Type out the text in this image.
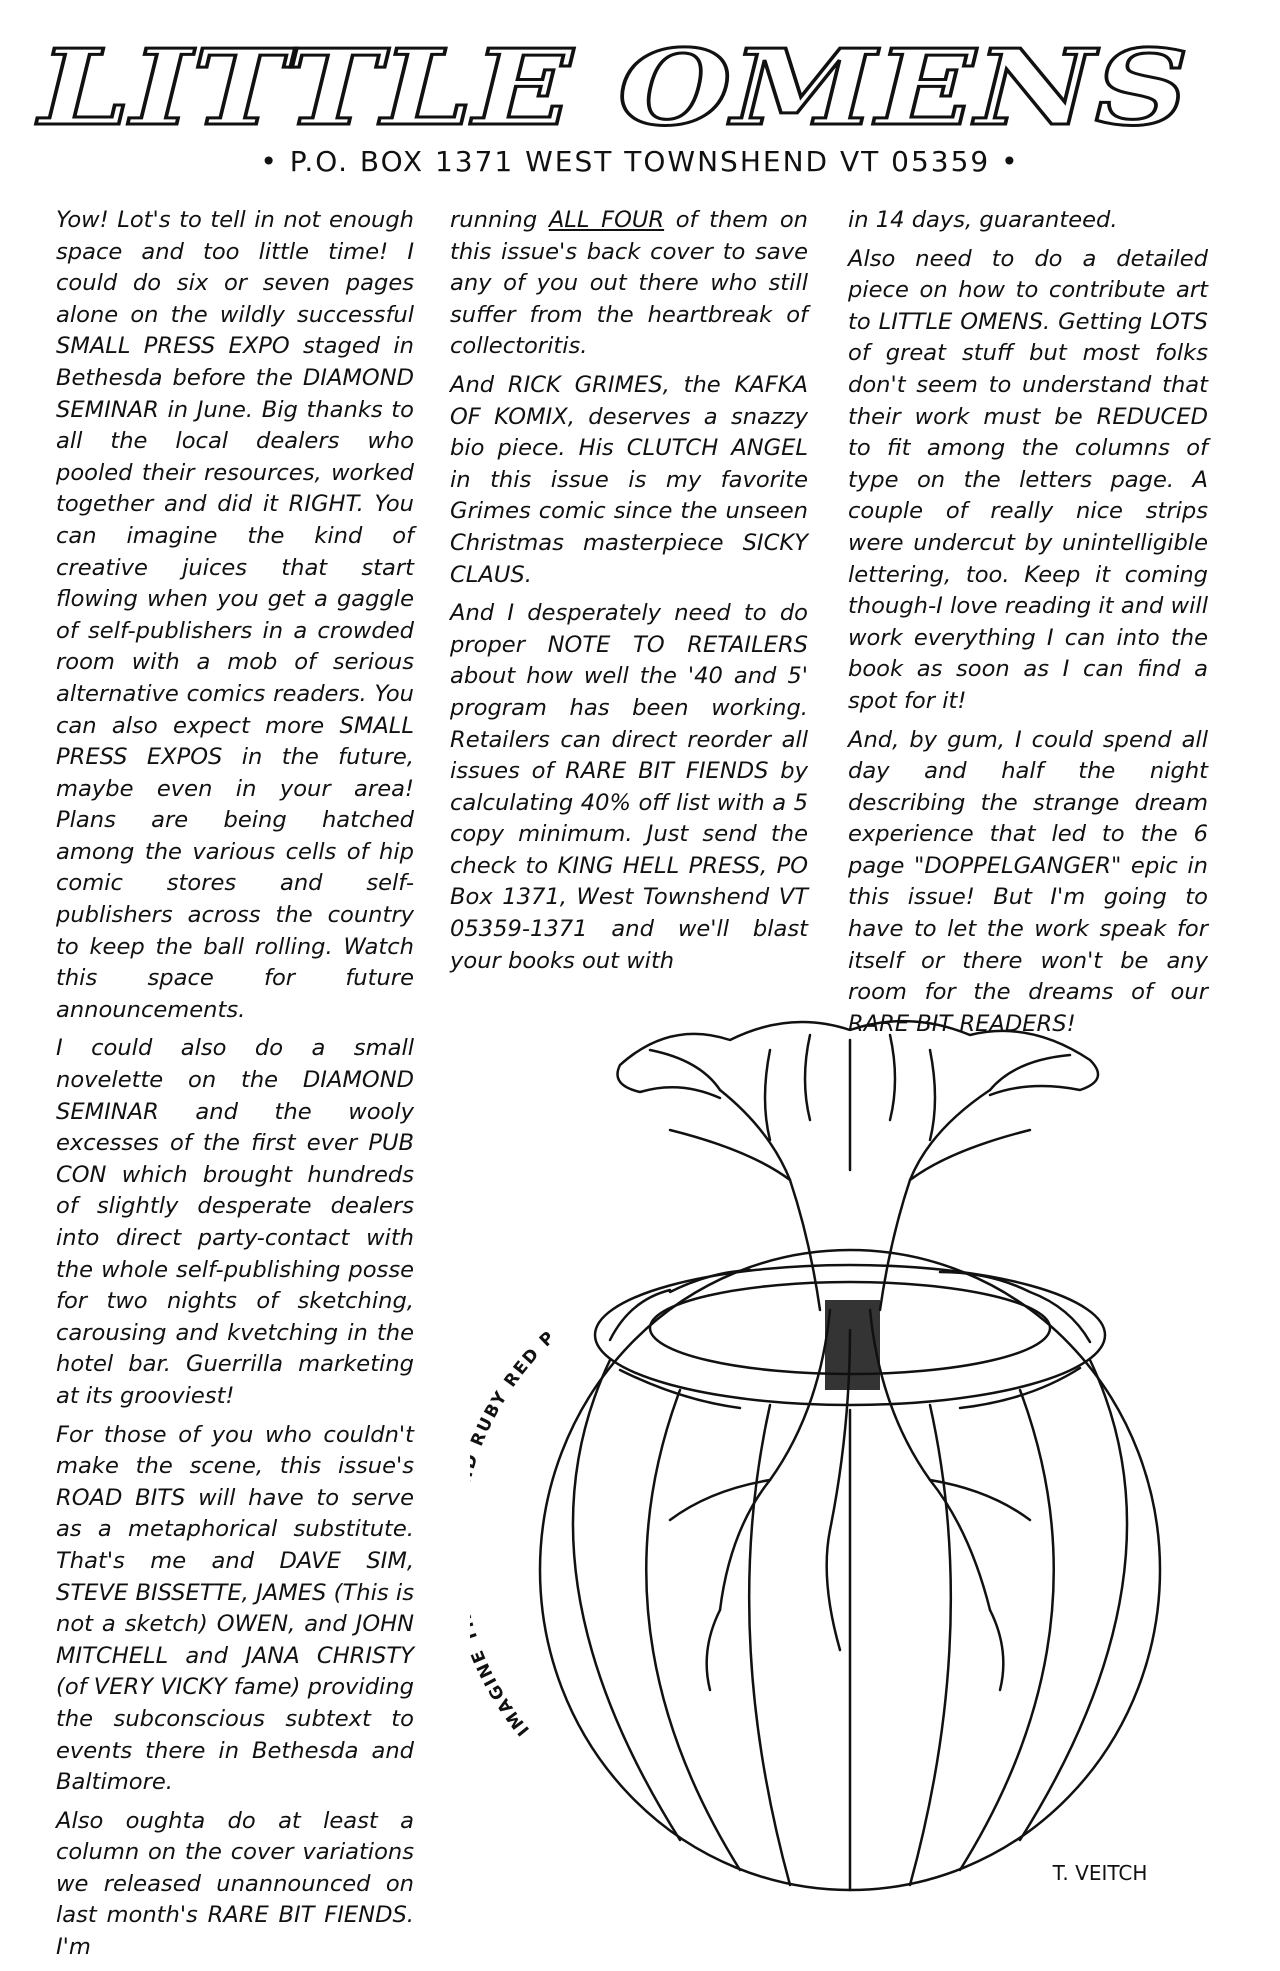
LITTLE OMENS
• P.O. BOX 1371 WEST TOWNSHEND VT 05359 •

Yow! Lot's to tell in not enough space and too little time! I could do six or seven pages alone on the wildly successful SMALL PRESS EXPO staged in Bethesda before the DIAMOND SEMINAR in June. Big thanks to all the local dealers who pooled their resources, worked together and did it RIGHT. You can imagine the kind of creative juices that start flowing when you get a gaggle of self-publishers in a crowded room with a mob of serious alternative comics readers. You can also expect more SMALL PRESS EXPOS in the future, maybe even in your area! Plans are being hatched among the various cells of hip comic stores and self-publishers across the country to keep the ball rolling. Watch this space for future announcements.

I could also do a small novelette on the DIAMOND SEMINAR and the wooly excesses of the first ever PUB CON which brought hundreds of slightly desperate dealers into direct party-contact with the whole self-publishing posse for two nights of sketching, carousing and kvetching in the hotel bar. Guerrilla marketing at its grooviest!

For those of you who couldn't make the scene, this issue's ROAD BITS will have to serve as a metaphorical substitute. That's me and DAVE SIM, STEVE BISSETTE, JAMES (This is not a sketch) OWEN, and JOHN MITCHELL and JANA CHRISTY (of VERY VICKY fame) providing the subconscious subtext to events there in Bethesda and Baltimore.

Also oughta do at least a column on the cover variations we released unannounced on last month's RARE BIT FIENDS. I'm

running ALL FOUR of them on this issue's back cover to save any of you out there who still suffer from the heartbreak of collectoritis.

And RICK GRIMES, the KAFKA OF KOMIX, deserves a snazzy bio piece. His CLUTCH ANGEL in this issue is my favorite Grimes comic since the unseen Christmas masterpiece SICKY CLAUS.

And I desperately need to do proper NOTE TO RETAILERS about how well the '40 and 5' program has been working. Retailers can direct reorder all issues of RARE BIT FIENDS by calculating 40% off list with a 5 copy minimum. Just send the check to KING HELL PRESS, PO Box 1371, West Townshend VT 05359-1371 and we'll blast your books out with

in 14 days, guaranteed.

Also need to do a detailed piece on how to contribute art to LITTLE OMENS. Getting LOTS of great stuff but most folks don't seem to understand that their work must be REDUCED to fit among the columns of type on the letters page. A couple of really nice strips were undercut by unintelligible lettering, too. Keep it coming though-I love reading it and will work everything I can into the book as soon as I can find a spot for it!

And, by gum, I could spend all day and half the night describing the strange dream experience that led to the 6 page "DOPPELGANGER" epic in this issue! But I'm going to have to let the work speak for itself or there won't be any room for the dreams of our RARE BIT READERS!

IMAGIN UBY RED P
T. VEITCH
